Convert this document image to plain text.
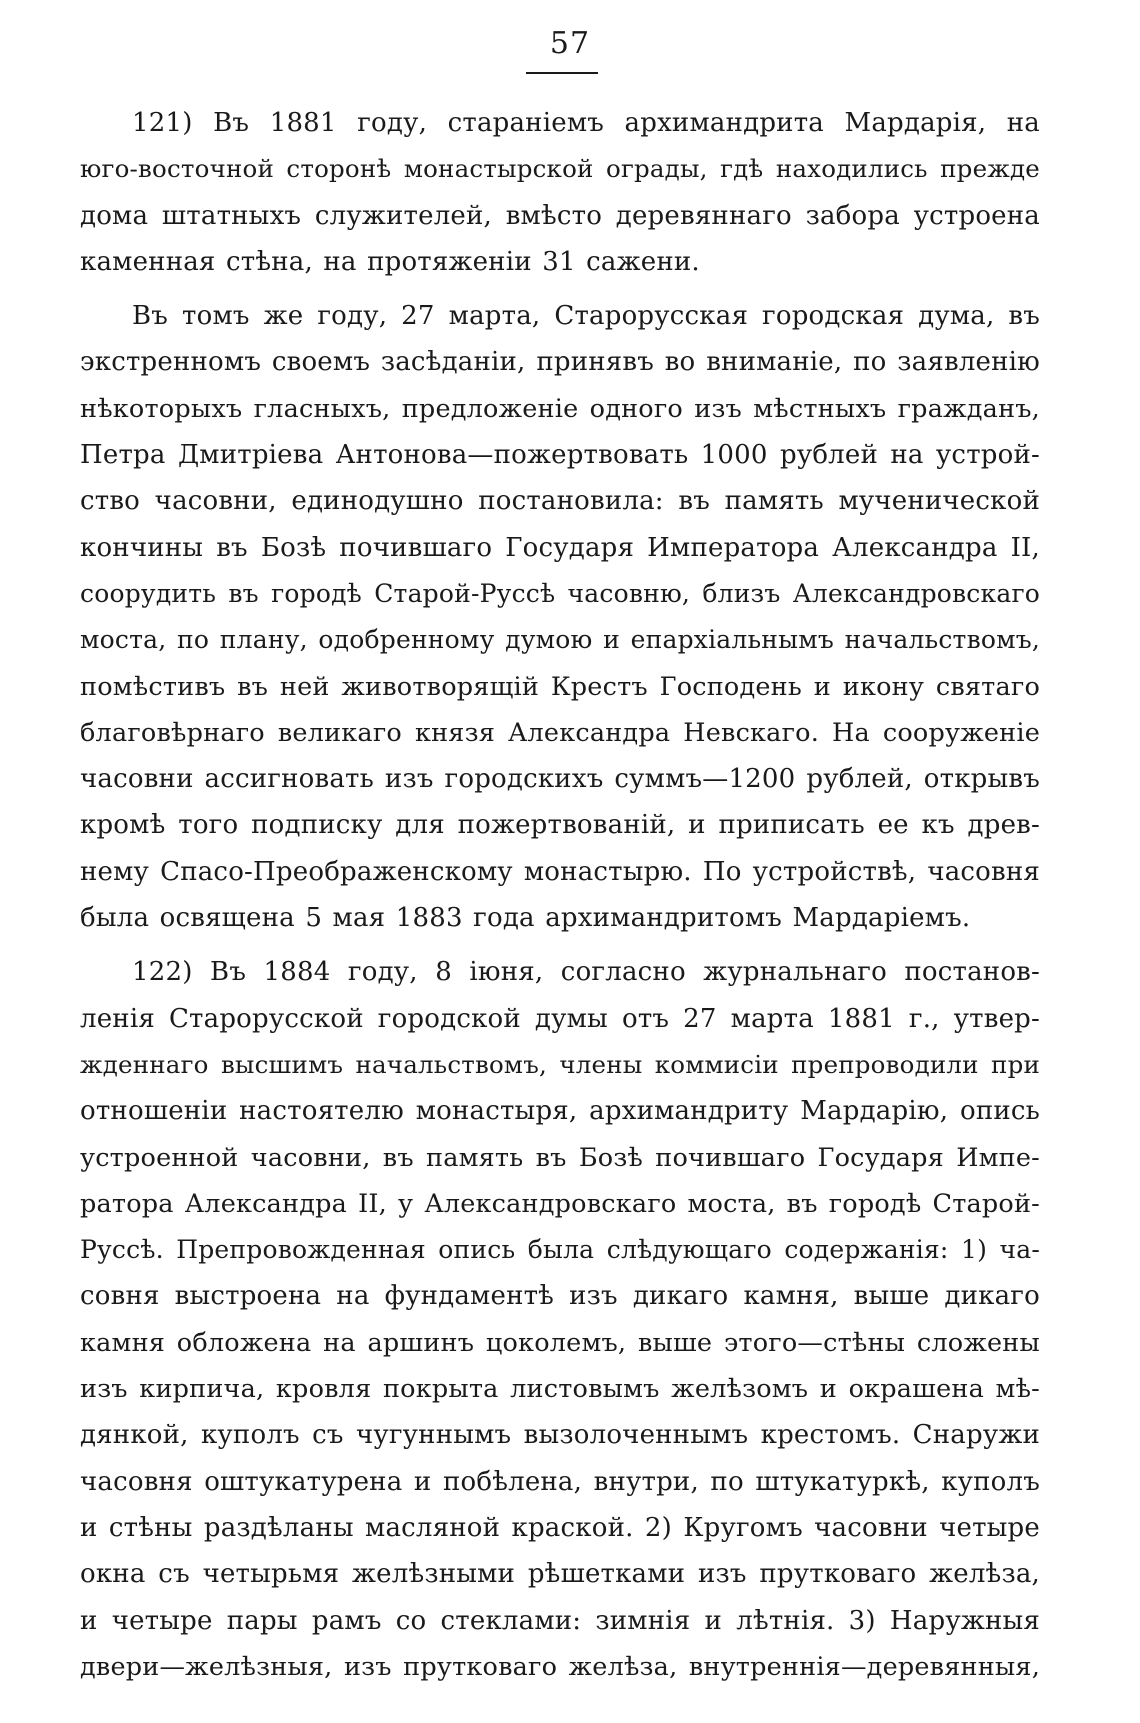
57
121) Въ 1881 году, стараніемъ архимандрита Мардарія, на
юго-восточной сторонѣ монастырской ограды, гдѣ находились прежде
дома штатныхъ служителей, вмѣсто деревяннаго забора устроена
каменная стѣна, на протяженіи 31 сажени.
Въ томъ же году, 27 марта, Старорусская городская дума, въ
экстренномъ своемъ засѣданіи, принявъ во вниманіе, по заявленію
нѣкоторыхъ гласныхъ, предложеніе одного изъ мѣстныхъ гражданъ,
Петра Дмитріева Антонова—пожертвовать 1000 рублей на устрой-
ство часовни, единодушно постановила: въ память мученической
кончины въ Бозѣ почившаго Государя Императора Александра II,
соорудить въ городѣ Старой-Руссѣ часовню, близъ Александровскаго
моста, по плану, одобренному думою и епархіальнымъ начальствомъ,
помѣстивъ въ ней животворящій Крестъ Господень и икону святаго
благовѣрнаго великаго князя Александра Невскаго. На сооруженіе
часовни ассигновать изъ городскихъ суммъ—1200 рублей, открывъ
кромѣ того подписку для пожертвованій, и приписать ее къ древ-
нему Спасо-Преображенскому монастырю. По устройствѣ, часовня
была освящена 5 мая 1883 года архимандритомъ Мардаріемъ.
122) Въ 1884 году, 8 іюня, согласно журнальнаго постанов-
ленія Старорусской городской думы отъ 27 марта 1881 г., утвер-
жденнаго высшимъ начальствомъ, члены коммисіи препроводили при
отношеніи настоятелю монастыря, архимандриту Мардарію, опись
устроенной часовни, въ память въ Бозѣ почившаго Государя Импе-
ратора Александра II, у Александровскаго моста, въ городѣ Старой-
Руссѣ. Препровожденная опись была слѣдующаго содержанія: 1) ча-
совня выстроена на фундаментѣ изъ дикаго камня, выше дикаго
камня обложена на аршинъ цоколемъ, выше этого—стѣны сложены
изъ кирпича, кровля покрыта листовымъ желѣзомъ и окрашена мѣ-
дянкой, куполъ съ чугуннымъ вызолоченнымъ крестомъ. Снаружи
часовня оштукатурена и побѣлена, внутри, по штукатуркѣ, куполъ
и стѣны раздѣланы масляной краской. 2) Кругомъ часовни четыре
окна съ четырьмя желѣзными рѣшетками изъ прутковаго желѣза,
и четыре пары рамъ со стеклами: зимнія и лѣтнія. 3) Наружныя
двери—желѣзныя, изъ прутковаго желѣза, внутреннія—деревянныя,
